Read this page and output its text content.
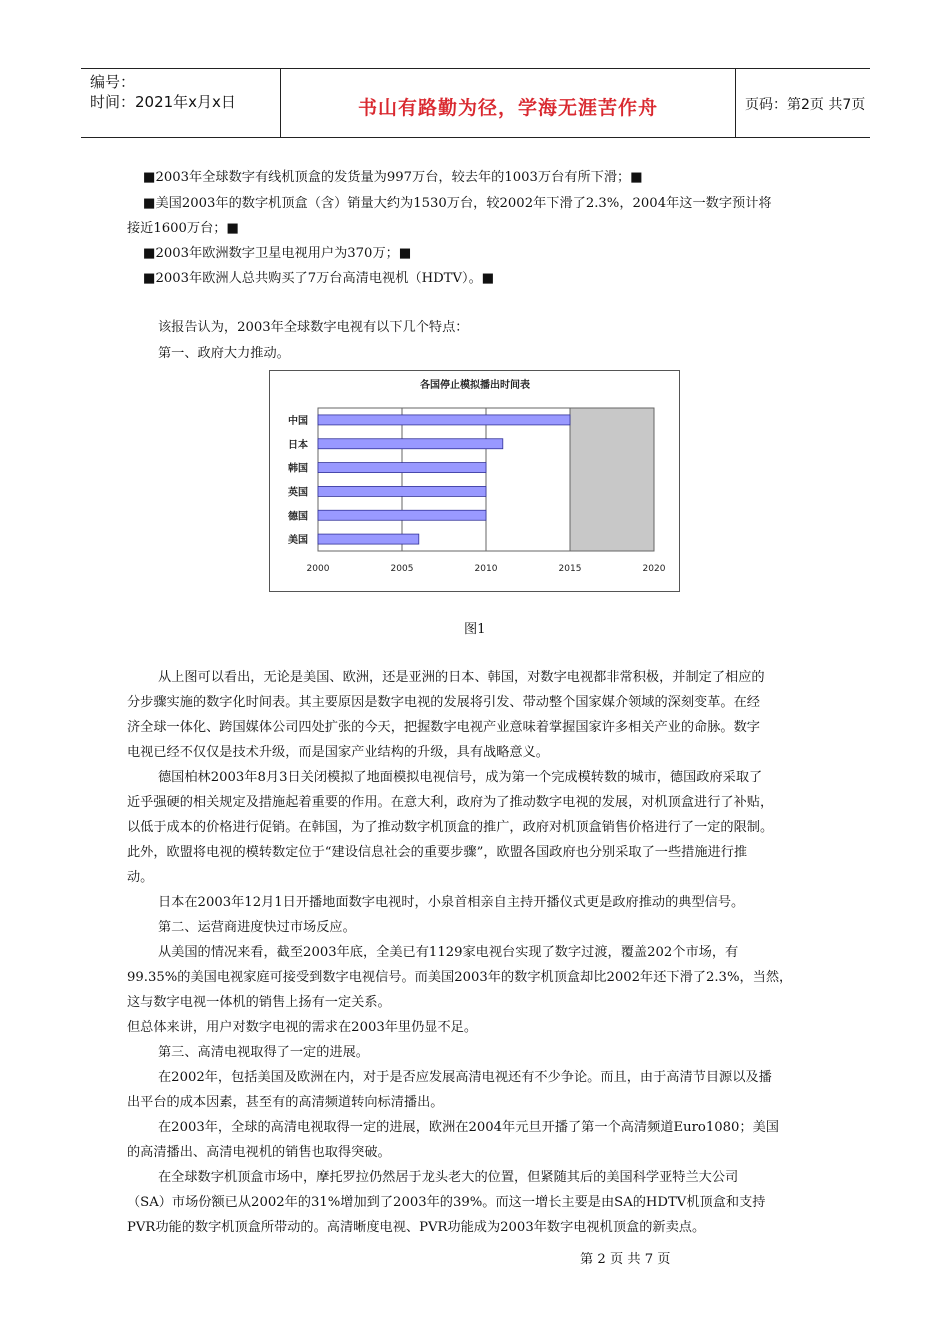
编号：
时间：2021年x月x日	书山有路勤为径，学海无涯苦作舟	页码：第2页 共7页
■2003年全球数字有线机顶盒的发货量为997万台，较去年的1003万台有所下滑；■
■美国2003年的数字机顶盒（含）销量大约为1530万台，较2002年下滑了2.3%，2004年这一数字预计将
接近1600万台；■
■2003年欧洲数字卫星电视用户为370万；■
■2003年欧洲人总共购买了7万台高清电视机（HDTV）。■
该报告认为，2003年全球数字电视有以下几个特点：
第一、政府大力推动。
各国停止模拟播出时间表
2000	2005	2010	2015	2020
中国
日本
韩国
英国
德国
美国
图1
从上图可以看出，无论是美国、欧洲，还是亚洲的日本、韩国，对数字电视都非常积极，并制定了相应的
分步骤实施的数字化时间表。其主要原因是数字电视的发展将引发、带动整个国家媒介领域的深刻变革。在经
济全球一体化、跨国媒体公司四处扩张的今天，把握数字电视产业意味着掌握国家许多相关产业的命脉。数字
电视已经不仅仅是技术升级，而是国家产业结构的升级，具有战略意义。
德国柏林2003年8月3日关闭模拟了地面模拟电视信号，成为第一个完成模转数的城市，德国政府采取了
近乎强硬的相关规定及措施起着重要的作用。在意大利，政府为了推动数字电视的发展，对机顶盒进行了补贴，
以低于成本的价格进行促销。在韩国，为了推动数字机顶盒的推广，政府对机顶盒销售价格进行了一定的限制。
此外，欧盟将电视的模转数定位于“建设信息社会的重要步骤”，欧盟各国政府也分别采取了一些措施进行推
动。
日本在2003年12月1日开播地面数字电视时，小泉首相亲自主持开播仪式更是政府推动的典型信号。
第二、运营商进度快过市场反应。
从美国的情况来看，截至2003年底，全美已有1129家电视台实现了数字过渡，覆盖202个市场，有
99.35%的美国电视家庭可接受到数字电视信号。而美国2003年的数字机顶盒却比2002年还下滑了2.3%，当然，
这与数字电视一体机的销售上扬有一定关系。
但总体来讲，用户对数字电视的需求在2003年里仍显不足。
第三、高清电视取得了一定的进展。
在2002年，包括美国及欧洲在内，对于是否应发展高清电视还有不少争论。而且，由于高清节目源以及播
出平台的成本因素，甚至有的高清频道转向标清播出。
在2003年，全球的高清电视取得一定的进展，欧洲在2004年元旦开播了第一个高清频道Euro1080；美国
的高清播出、高清电视机的销售也取得突破。
在全球数字机顶盒市场中，摩托罗拉仍然居于龙头老大的位置，但紧随其后的美国科学亚特兰大公司
（SA）市场份额已从2002年的31%增加到了2003年的39%。而这一增长主要是由SA的HDTV机顶盒和支持
PVR功能的数字机顶盒所带动的。高清晰度电视、PVR功能成为2003年数字电视机顶盒的新卖点。
第 2 页 共 7 页
